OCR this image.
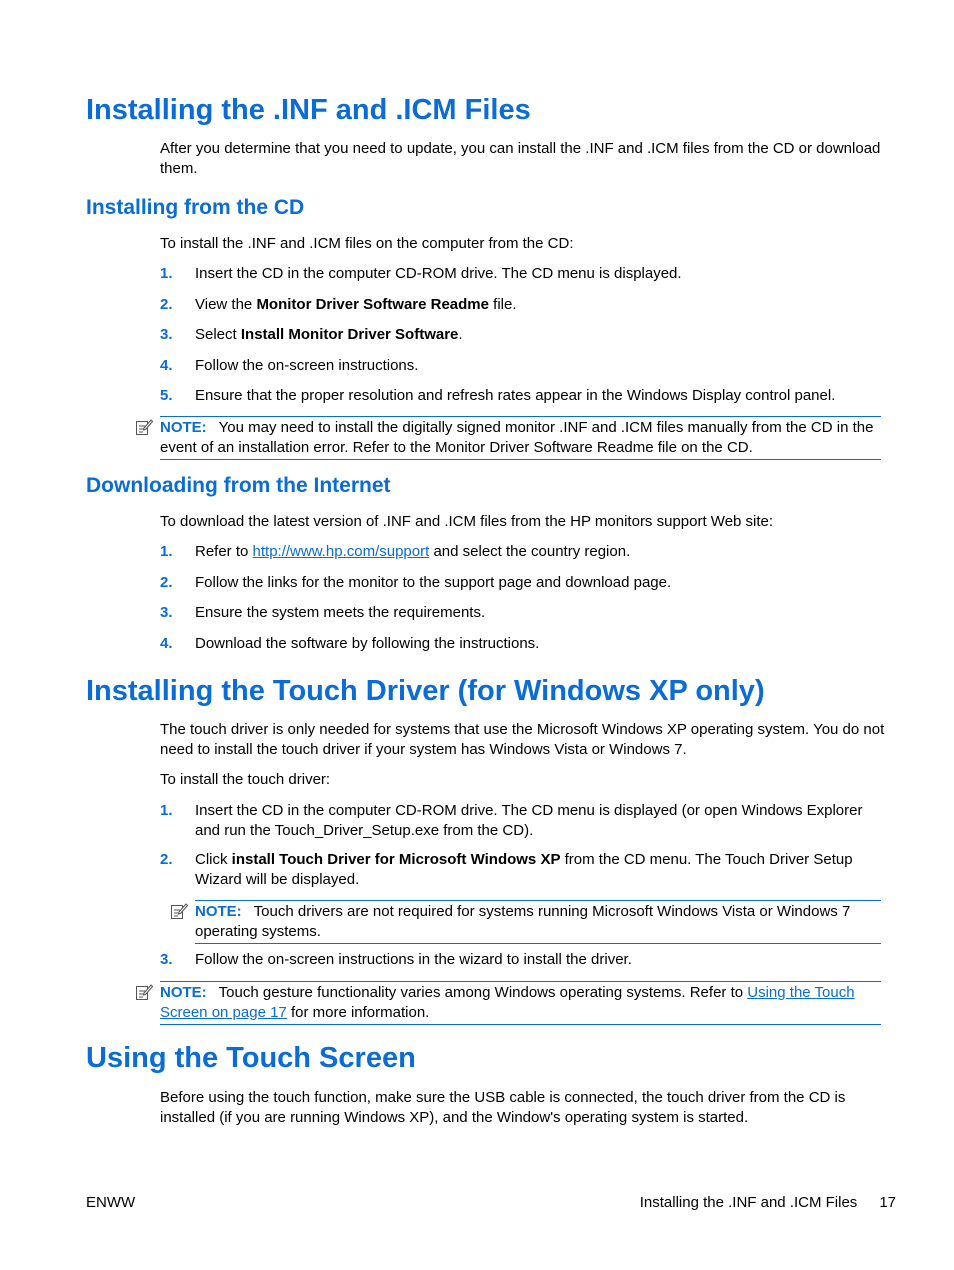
Installing the .INF and .ICM Files

After you determine that you need to update, you can install the .INF and .ICM files from the CD or download them.

Installing from the CD

To install the .INF and .ICM files on the computer from the CD:

1. Insert the CD in the computer CD-ROM drive. The CD menu is displayed.
2. View the Monitor Driver Software Readme file.
3. Select Install Monitor Driver Software.
4. Follow the on-screen instructions.
5. Ensure that the proper resolution and refresh rates appear in the Windows Display control panel.
NOTE: You may need to install the digitally signed monitor .INF and .ICM files manually from the CD in the event of an installation error. Refer to the Monitor Driver Software Readme file on the CD.
Downloading from the Internet

To download the latest version of .INF and .ICM files from the HP monitors support Web site:

1. Refer to http://www.hp.com/support and select the country region.
2. Follow the links for the monitor to the support page and download page.
3. Ensure the system meets the requirements.
4. Download the software by following the instructions.
Installing the Touch Driver (for Windows XP only)

The touch driver is only needed for systems that use the Microsoft Windows XP operating system. You do not need to install the touch driver if your system has Windows Vista or Windows 7.

To install the touch driver:

1. Insert the CD in the computer CD-ROM drive. The CD menu is displayed (or open Windows Explorer and run the Touch_Driver_Setup.exe from the CD).
2. Click install Touch Driver for Microsoft Windows XP from the CD menu. The Touch Driver Setup Wizard will be displayed.
NOTE: Touch drivers are not required for systems running Microsoft Windows Vista or Windows 7 operating systems.
3. Follow the on-screen instructions in the wizard to install the driver.
NOTE: Touch gesture functionality varies among Windows operating systems. Refer to Using the Touch Screen on page 17 for more information.
Using the Touch Screen

Before using the touch function, make sure the USB cable is connected, the touch driver from the CD is installed (if you are running Windows XP), and the Window's operating system is started.

ENWW	Installing the .INF and .ICM Files 17
